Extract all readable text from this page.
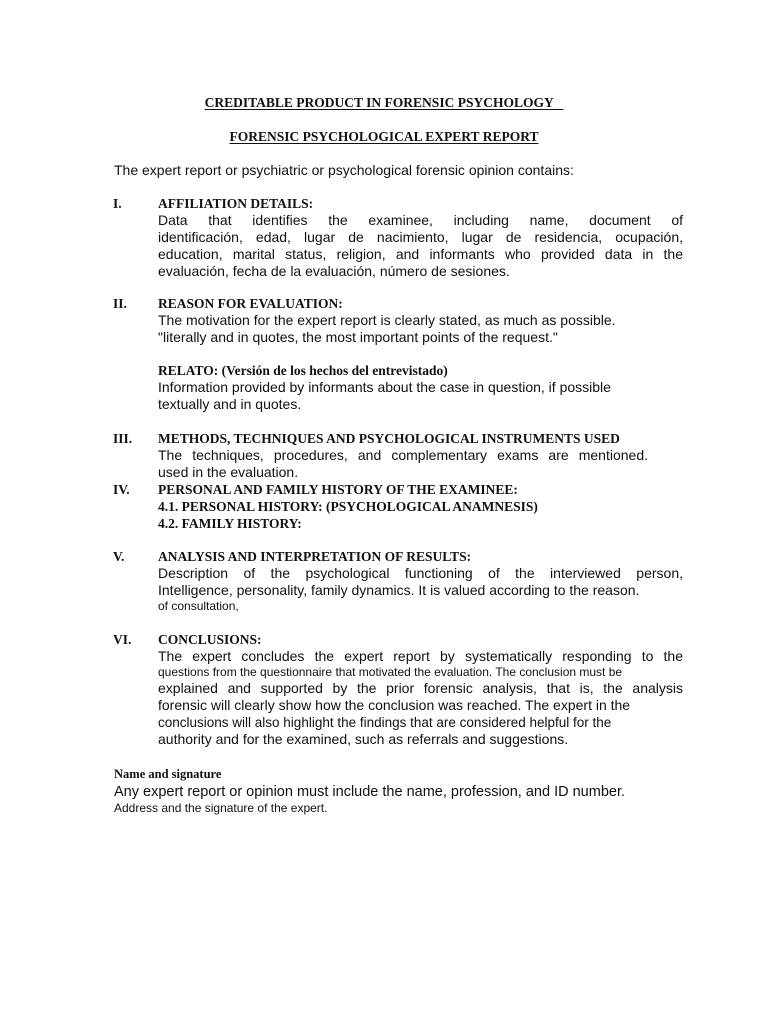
CREDITABLE PRODUCT IN FORENSIC PSYCHOLOGY
FORENSIC PSYCHOLOGICAL EXPERT REPORT
The expert report or psychiatric or psychological forensic opinion contains:
I.	AFFILIATION DETAILS:
Data that identifies the examinee, including name, document of
identificación, edad, lugar de nacimiento, lugar de residencia, ocupación,
education, marital status, religion, and informants who provided data in the
evaluación, fecha de la evaluación, número de sesiones.
II. REASON FOR EVALUATION:
The motivation for the expert report is clearly stated, as much as possible.
"literally and in quotes, the most important points of the request."
RELATO: (Versión de los hechos del entrevistado)
Information provided by informants about the case in question, if possible
textually and in quotes.
III. METHODS, TECHNIQUES AND PSYCHOLOGICAL INSTRUMENTS USED
The techniques, procedures, and complementary exams are mentioned.
used in the evaluation.
IV. PERSONAL AND FAMILY HISTORY OF THE EXAMINEE:
4.1. PERSONAL HISTORY: (PSYCHOLOGICAL ANAMNESIS)
4.2. FAMILY HISTORY:
V. ANALYSIS AND INTERPRETATION OF RESULTS:
Description of the psychological functioning of the interviewed person,
Intelligence, personality, family dynamics. It is valued according to the reason.
of consultation,
VI. CONCLUSIONS:
The expert concludes the expert report by systematically responding to the
questions from the questionnaire that motivated the evaluation. The conclusion must be
explained and supported by the prior forensic analysis, that is, the analysis
forensic will clearly show how the conclusion was reached. The expert in the
conclusions will also highlight the findings that are considered helpful for the
authority and for the examined, such as referrals and suggestions.
Name and signature
Any expert report or opinion must include the name, profession, and ID number.
Address and the signature of the expert.
